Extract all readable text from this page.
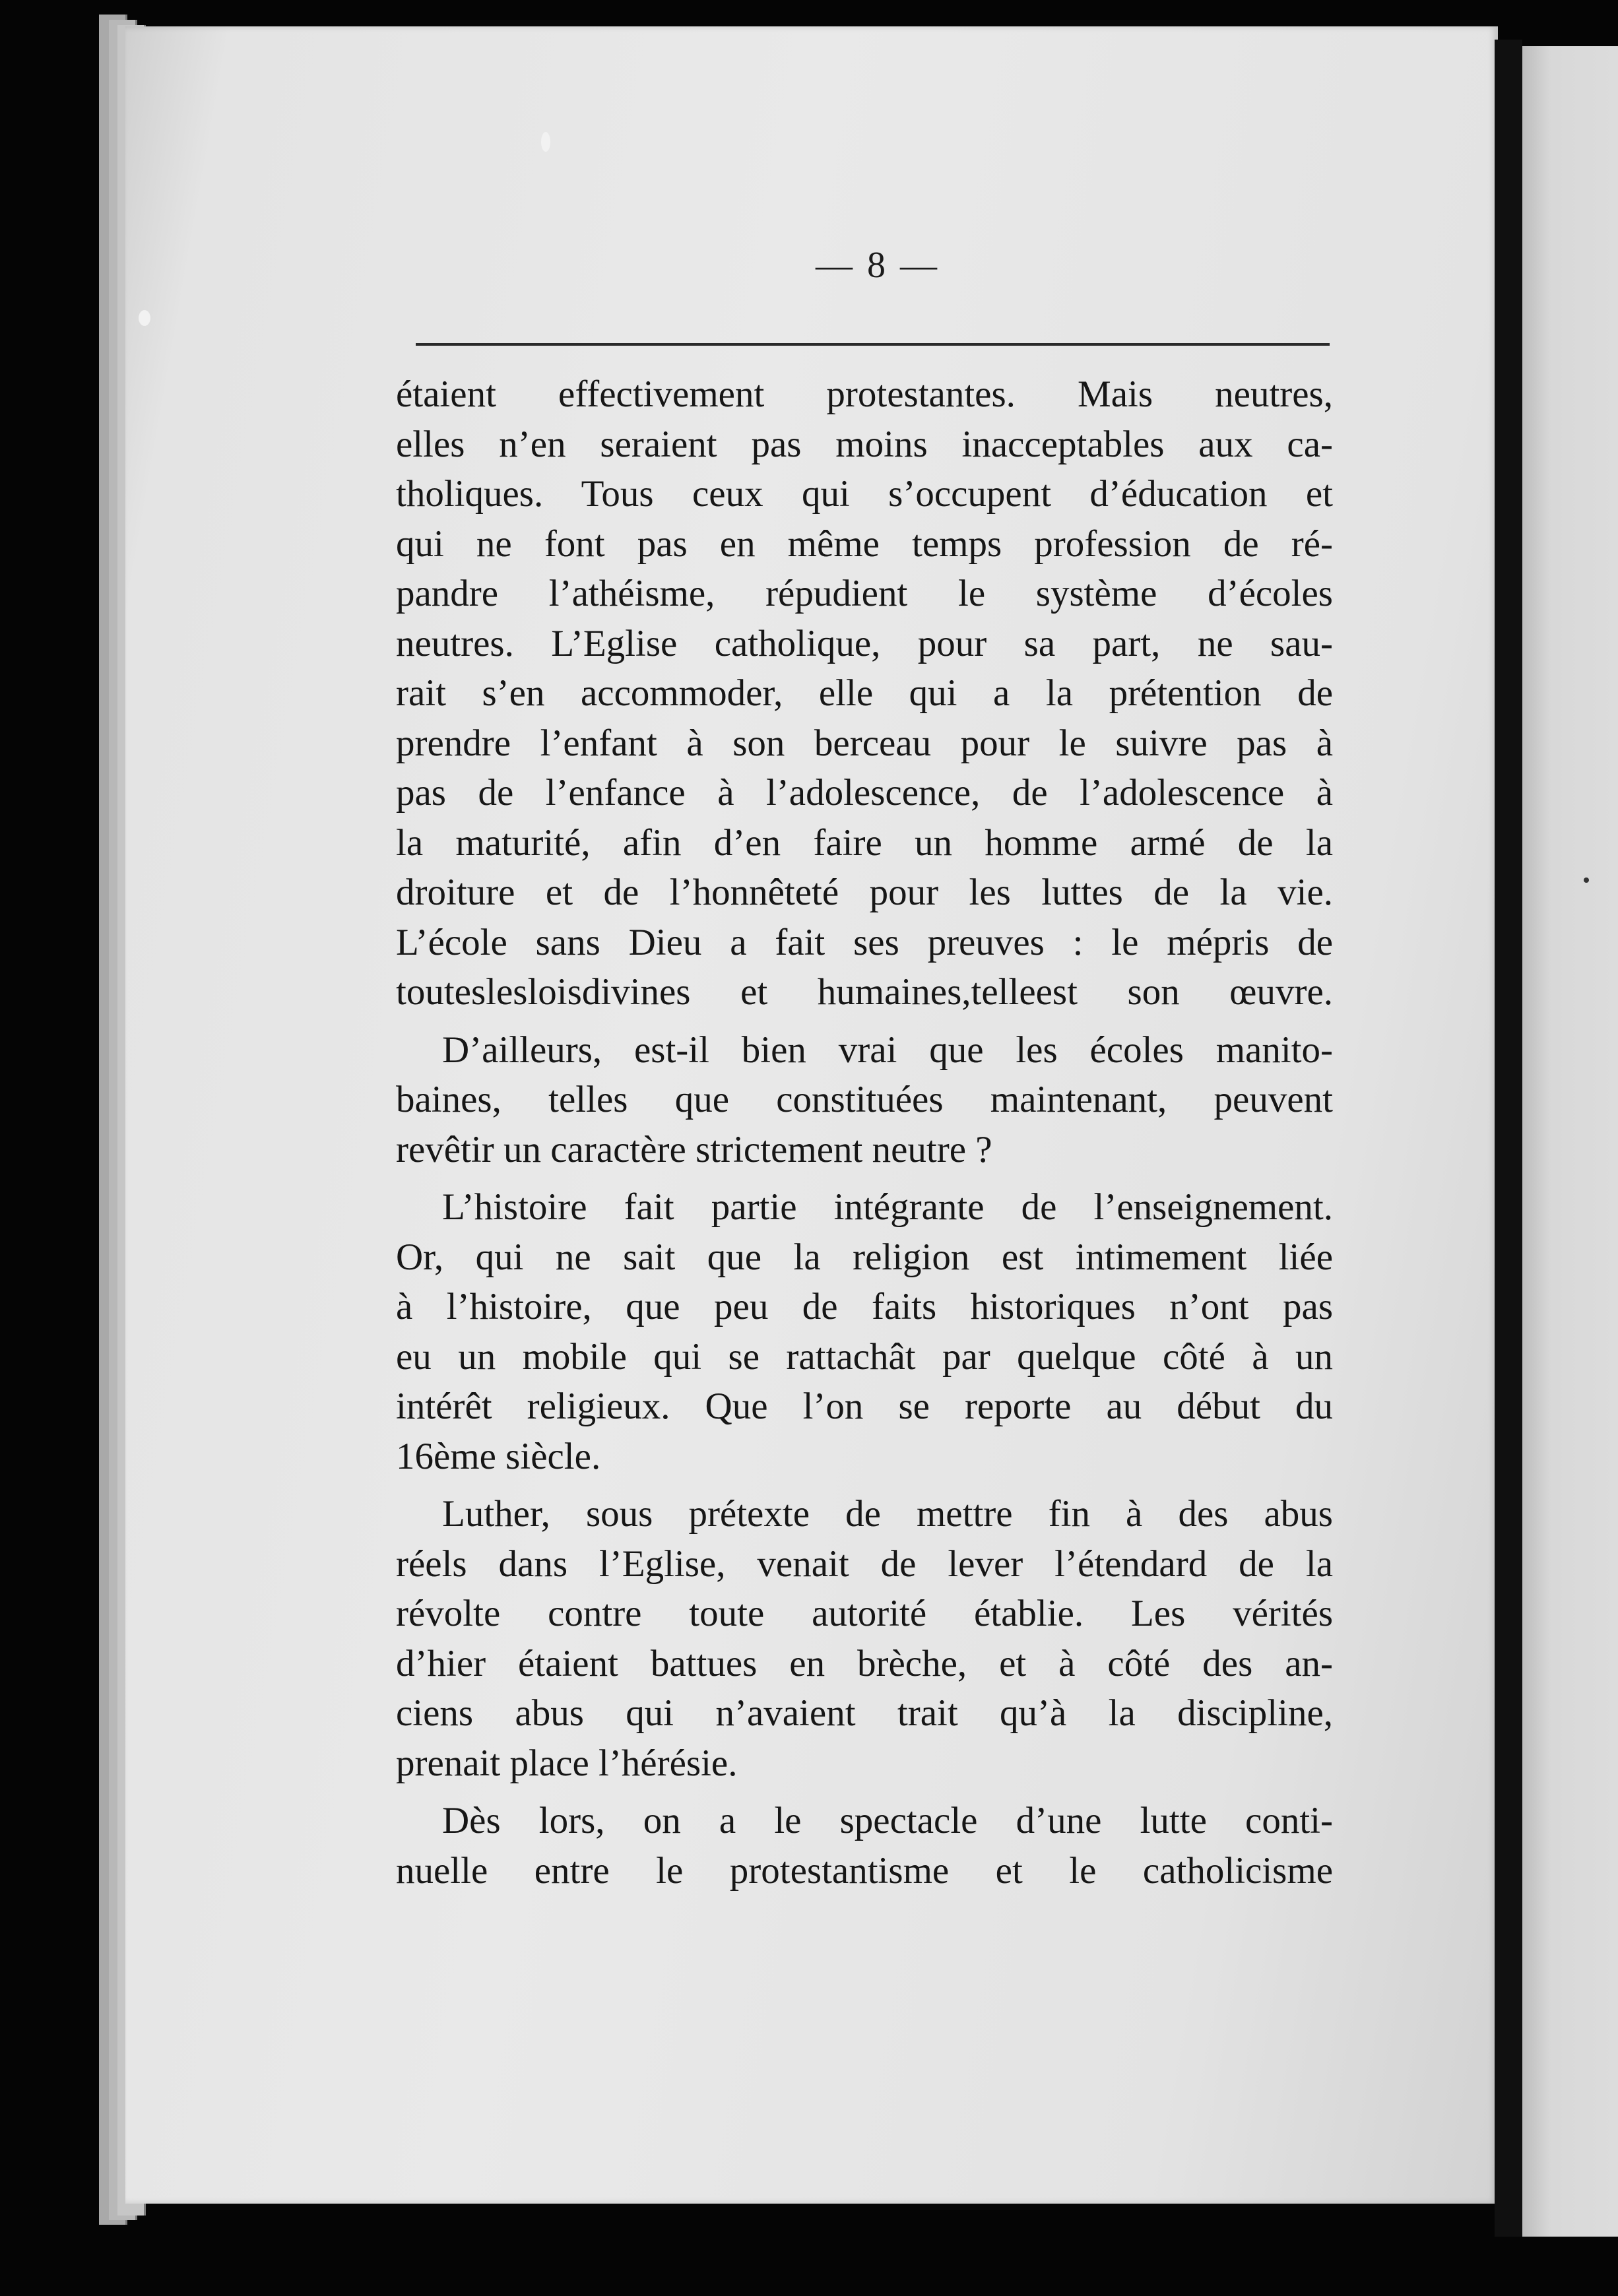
— 8 —

étaient effectivement protestantes. Mais neutres,
elles n’en seraient pas moins inacceptables aux ca-
tholiques. Tous ceux qui s’occupent d’éducation et
qui ne font pas en même temps profession de ré-
pandre l’athéisme, répudient le système d’écoles
neutres. L’Eglise catholique, pour sa part, ne sau-
rait s’en accommoder, elle qui a la prétention de
prendre l’enfant à son berceau pour le suivre pas à
pas de l’enfance à l’adolescence, de l’adolescence à
la maturité, afin d’en faire un homme armé de la
droiture et de l’honnêteté pour les luttes de la vie.
L’école sans Dieu a fait ses preuves : le mépris de
touteslesloisdivines et humaines,telleest son œuvre.

D’ailleurs, est-il bien vrai que les écoles manito-
baines, telles que constituées maintenant, peuvent
revêtir un caractère strictement neutre ?

L’histoire fait partie intégrante de l’enseignement.
Or, qui ne sait que la religion est intimement liée
à l’histoire, que peu de faits historiques n’ont pas
eu un mobile qui se rattachât par quelque côté à un
intérêt religieux. Que l’on se reporte au début du
16ème siècle.

Luther, sous prétexte de mettre fin à des abus
réels dans l’Eglise, venait de lever l’étendard de la
révolte contre toute autorité établie. Les vérités
d’hier étaient battues en brèche, et à côté des an-
ciens abus qui n’avaient trait qu’à la discipline,
prenait place l’hérésie.

Dès lors, on a le spectacle d’une lutte conti-
nuelle entre le protestantisme et le catholicisme
